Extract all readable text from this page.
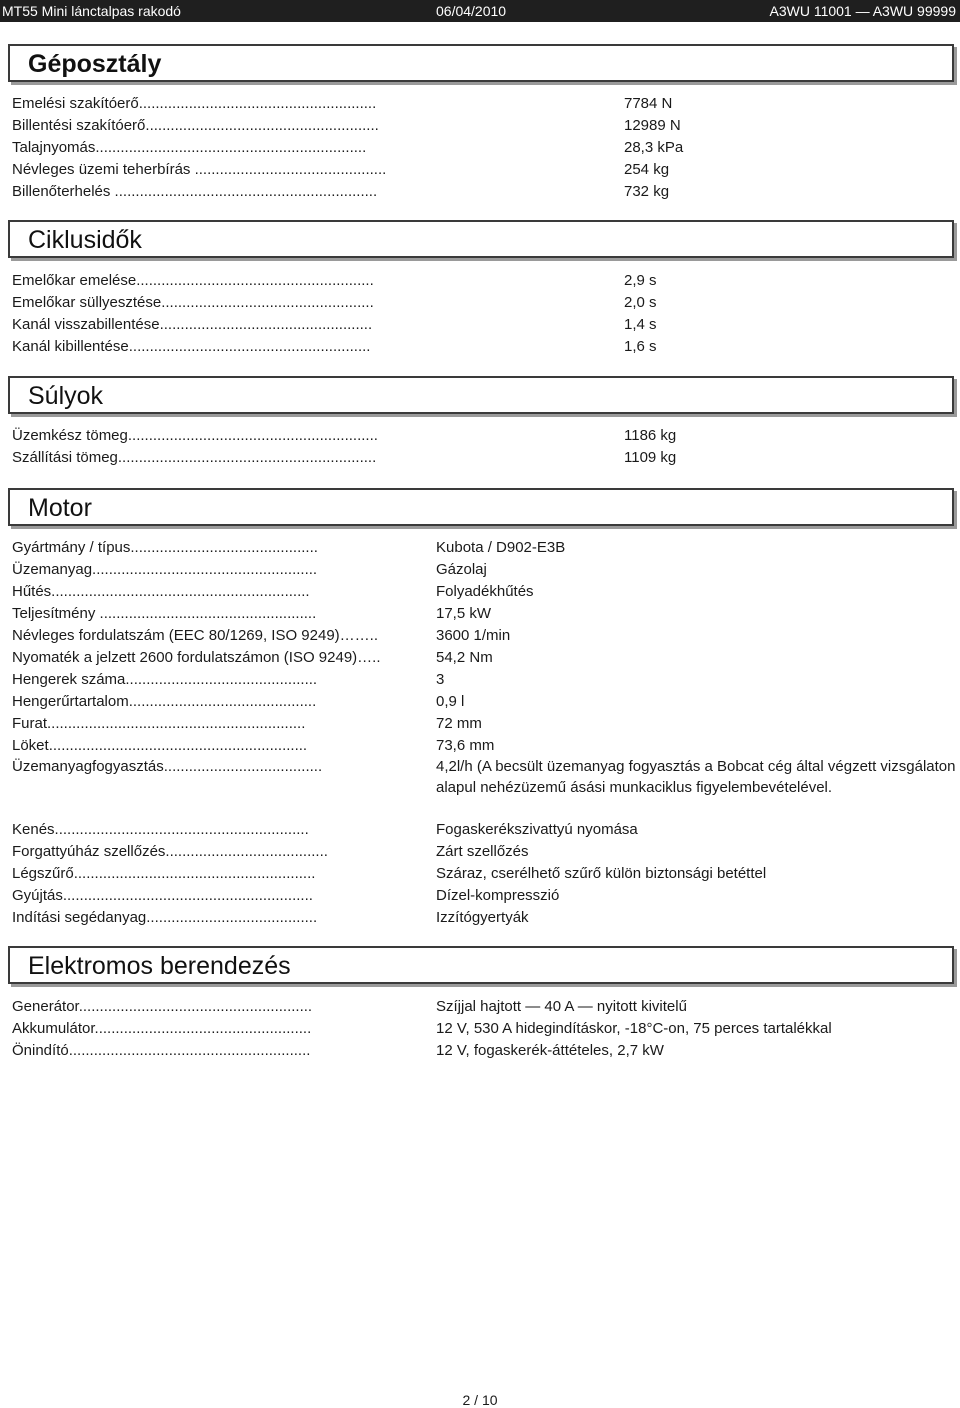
MT55 Mini lánctalpas rakodó	06/04/2010	A3WU 11001 — A3WU 99999
Géposztály
Emelési szakítóerő.........................................................	7784 N
Billentési szakítóerő........................................................	12989 N
Talajnyomás.................................................................	28,3 kPa
Névleges üzemi teherbírás ..............................................	254 kg
Billenőterhelés ...............................................................	732 kg
Ciklusidők
Emelőkar emelése.........................................................	2,9 s
Emelőkar süllyesztése...................................................	2,0 s
Kanál visszabillentése...................................................	1,4 s
Kanál kibillentése..........................................................	1,6 s
Súlyok
Üzemkész tömeg............................................................	1186 kg
Szállítási tömeg..............................................................	1109 kg
Motor
Gyártmány / típus.............................................	Kubota / D902-E3B
Üzemanyag......................................................	Gázolaj
Hűtés..............................................................	Folyadékhűtés
Teljesítmény ....................................................	17,5 kW
Névleges fordulatszám (EEC 80/1269, ISO 9249)……..	3600 1/min
Nyomaték a jelzett 2600 fordulatszámon (ISO 9249)…..	54,2 Nm
Hengerek száma..............................................	3
Hengerűrtartalom.............................................	0,9 l
Furat..............................................................	72 mm
Löket..............................................................	73,6 mm
Üzemanyagfogyasztás......................................	4,2l/h (A becsült üzemanyag fogyasztás a Bobcat cég által végzett vizsgálaton alapul nehézüzemű ásási munkaciklus figyelembevételével.
Kenés.............................................................	Fogaskerékszivattyú nyomása
Forgattyúház szellőzés.......................................	Zárt szellőzés
Légszűrő..........................................................	Száraz, cserélhető szűrő külön biztonsági betéttel
Gyújtás............................................................	Dízel-kompresszió
Indítási segédanyag.........................................	Izzítógyertyák
Elektromos berendezés
Generátor........................................................	Szíjjal hajtott — 40 A — nyitott kivitelű
Akkumulátor....................................................	12 V, 530 A hidegindításkor, -18°C-on, 75 perces tartalékkal
Önindító..........................................................	12 V, fogaskerék-áttételes, 2,7 kW
2 / 10
